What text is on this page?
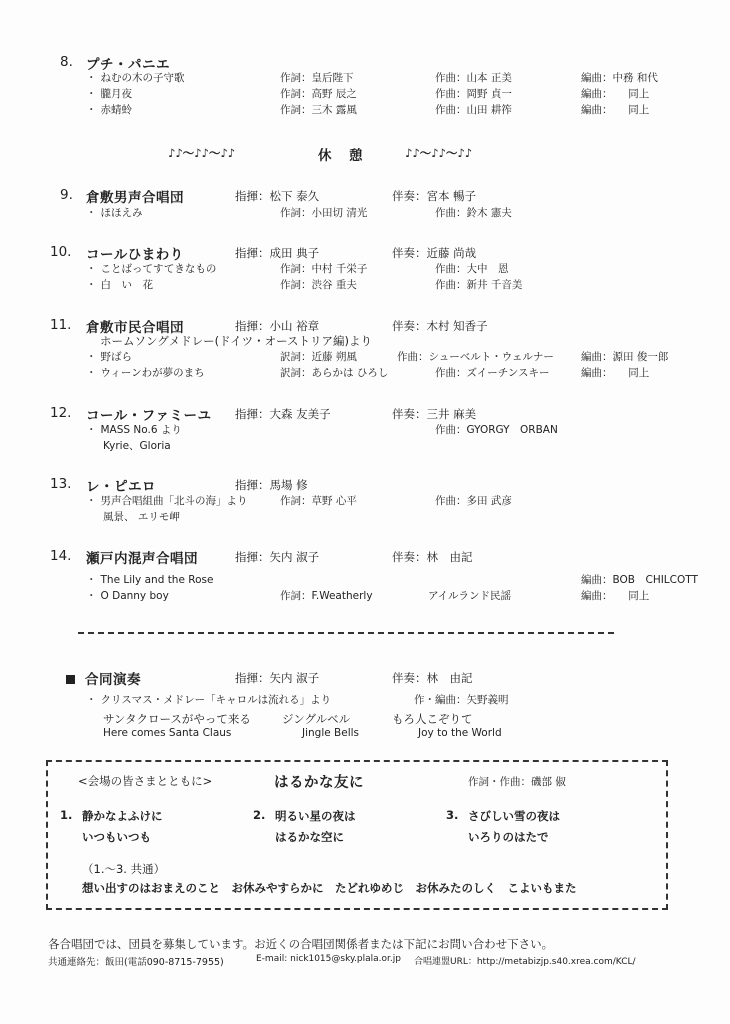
8. プチ・パニエ
・ ねむの木の子守歌	作詞：皇后陛下	作曲：山本 正美	編曲：中務 和代
・ 朧月夜	作詞：高野 辰之	作曲：岡野 貞一	編曲：　　同上
・ 赤蜻蛉	作詞：三木 露風	作曲：山田 耕筰	編曲：　　同上
♪♪～♪♪～♪♪	休　憩	♪♪～♪♪～♪♪
9. 倉敷男声合唱団	指揮：松下 泰久	伴奏：宮本 暢子
・ ほほえみ	作詞：小田切 清光	作曲：鈴木 憲夫
10. コールひまわり	指揮：成田 典子	伴奏：近藤 尚哉
・ ことばってすてきなもの	作詞：中村 千栄子	作曲：大中　恩
・ 白　い　花	作詞：渋谷 重夫	作曲：新井 千音美
11. 倉敷市民合唱団	指揮：小山 裕章	伴奏：木村 知香子
ホームソングメドレー(ドイツ・オーストリア編)より
・ 野ばら	訳詞：近藤 朔風	作曲：シューベルト・ウェルナー	編曲：源田 俊一郎
・ ウィーンわが夢のまち	訳詞：あらかは ひろし	作曲：ズイーチンスキー	編曲：　　同上
12. コール・ファミーユ 指揮：大森 友美子	伴奏：三井 麻美
・ MASS No.6 より	作曲：GYORGY　ORBAN
Kyrie、Gloria
13. レ・ピエロ	指揮：馬場 修
・ 男声合唱組曲「北斗の海」より	作詞：草野 心平	作曲：多田 武彦
風景、 エリモ岬
14. 瀬戸内混声合唱団	指揮：矢内 淑子	伴奏：林　由記
・ The Lily and the Rose	編曲：BOB　CHILCOTT
・ O Danny boy	作詞：F.Weatherly	アイルランド民謡	編曲：　　同上
合同演奏	指揮：矢内 淑子	伴奏：林　由記
・ クリスマス・メドレー「キャロルは流れる」より	作・編曲：矢野義明
サンタクロースがやって来る	ジングルベル	もろ人こぞりて
Here comes Santa Claus	Jingle Bells	Joy to the World
<会場の皆さまとともに>	はるかな友に	作詞・作曲：磯部 俶
1. 静かなよふけに
いつもいつも
2. 明るい星の夜は
はるかな空に
3. さびしい雪の夜は
いろりのはたで
（1.～3. 共通）
想い出すのはおまえのこと　お休みやすらかに　たどれゆめじ　お休みたのしく　こよいもまた
各合唱団では、団員を募集しています。お近くの合唱団関係者または下記にお問い合わせ下さい。
共通連絡先：飯田(電話090-8715-7955)	E-mail: nick1015@sky.plala.or.jp 合唱連盟URL：http://metabizjp.s40.xrea.com/KCL/
